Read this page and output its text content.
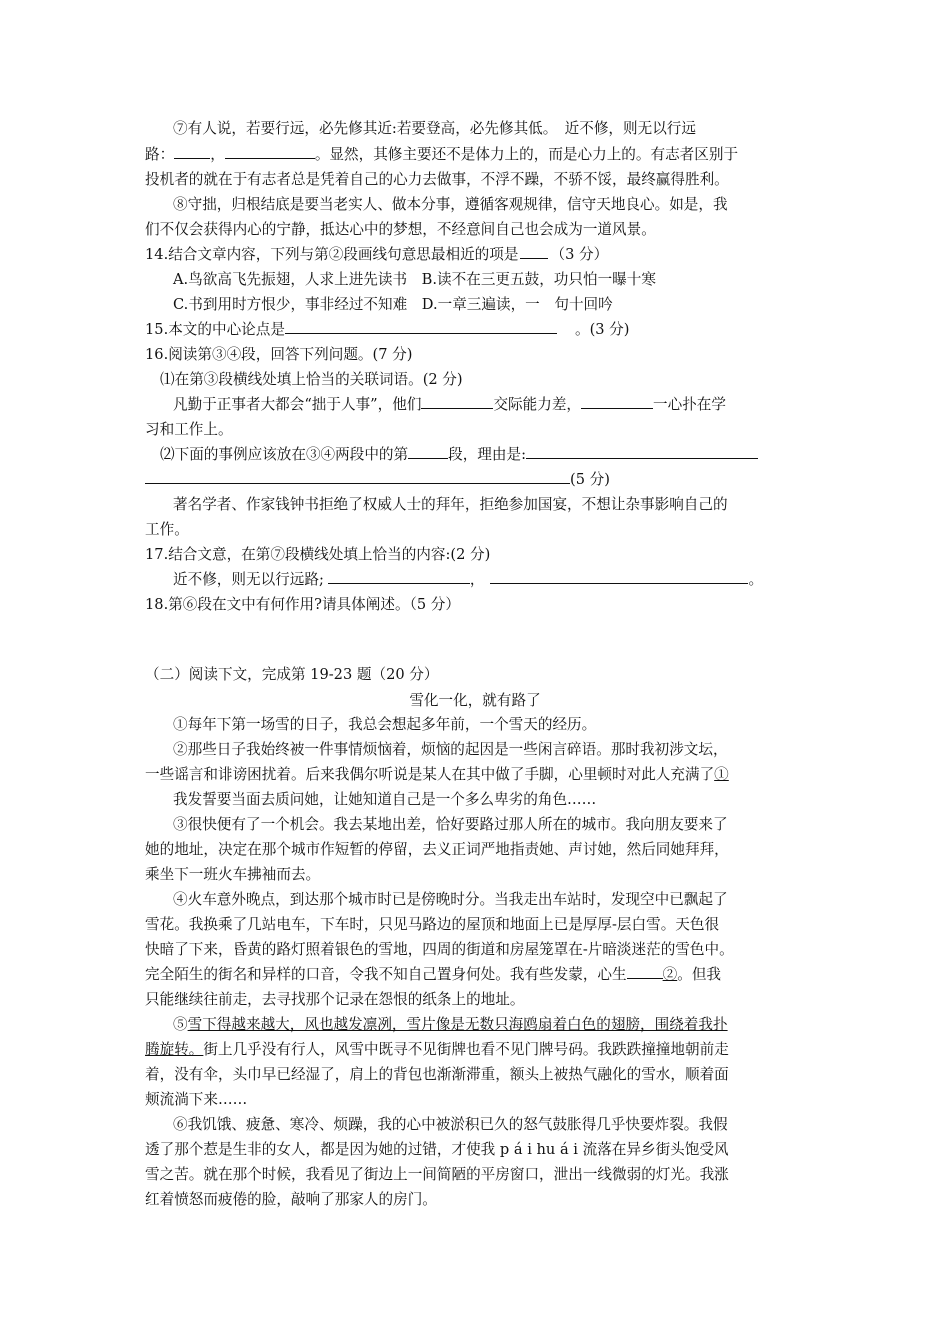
⑦有人说，若要行远，必先修其近:若要登高，必先修其低。　近不修，则无以行远
路： ，	。显然，其修主要还不是体力上的，而是心力上的。有志者区别于
投机者的就在于有志者总是凭着自己的心力去做事，不浮不躁，不骄不馁，最终赢得胜利。
⑧守拙，归根结底是要当老实人、做本分事，遵循客观规律，信守天地良心。如是，我
们不仅会获得内心的宁静，抵达心中的梦想，不经意间自己也会成为一道风景。
14.结合文章内容，下列与第②段画线句意思最相近的项是 （3 分）
A.鸟欲高飞先振翅，人求上进先读书　B.读不在三更五鼓，功只怕一曝十寒
C.书到用时方恨少，事非经过不知难　D.一章三遍读，一　句十回吟
15.本文的中心论点是	。(3 分)
16.阅读第③④段，回答下列问题。(7 分)
⑴在第③段横线处填上恰当的关联词语。(2 分)
凡勤于正事者大都会“拙于人事”，他们	交际能力差，	一心扑在学
习和工作上。
⑵下面的事例应该放在③④两段中的第	段，理由是:
(5 分)
著名学者、作家钱钟书拒绝了权威人士的拜年，拒绝参加国宴，不想让杂事影响自己的
工作。
17.结合文意，在第⑦段横线处填上恰当的内容:(2 分)
近不修，则无以行远路;	，	。
18.第⑥段在文中有何作用?请具体阐述。（5 分）
（二）阅读下文，完成第 19-23 题（20 分）
雪化一化，就有路了
①每年下第一场雪的日子，我总会想起多年前，一个雪天的经历。
②那些日子我始终被一件事情烦恼着，烦恼的起因是一些闲言碎语。那时我初涉文坛，
一些谣言和诽谤困扰着。后来我偶尔听说是某人在其中做了手脚，心里顿时对此人充满了①
我发誓要当面去质问她，让她知道自己是一个多么卑劣的角色……
③很快便有了一个机会。我去某地出差，恰好要路过那人所在的城市。我向朋友要来了
她的地址，决定在那个城市作短暂的停留，去义正词严地指责她、声讨她，然后同她拜拜，
乘坐下一班火车拂袖而去。
④火车意外晚点，到达那个城市时已是傍晚时分。当我走出车站时，发现空中已飘起了
雪花。我换乘了几站电车，下车时，只见马路边的屋顶和地面上已是厚厚-层白雪。天色很
快暗了下来，昏黄的路灯照着银色的雪地，四周的街道和房屋笼罩在-片暗淡迷茫的雪色中。
完全陌生的街名和异样的口音，令我不知自己置身何处。我有些发蒙，心生 ②。但我
只能继续往前走，去寻找那个记录在怨恨的纸条上的地址。
⑤雪下得越来越大，风也越发凛冽，雪片像是无数只海鸥扇着白色的翅膀，围绕着我扑
腾旋转。街上几乎没有行人，风雪中既寻不见街牌也看不见门牌号码。我跌跌撞撞地朝前走
着，没有伞，头巾早已经湿了，肩上的背包也渐渐滞重，额头上被热气融化的雪水，顺着面
颊流淌下来……
⑥我饥饿、疲惫、寒冷、烦躁，我的心中被淤积已久的怒气鼓胀得几乎快要炸裂。我假
透了那个惹是生非的女人，都是因为她的过错，才使我 p á i hu á i 流落在异乡街头饱受风
雪之苦。就在那个时候，我看见了街边上一间简陋的平房窗口，泄出一线微弱的灯光。我涨
红着愤怒而疲倦的脸，敲响了那家人的房门。
